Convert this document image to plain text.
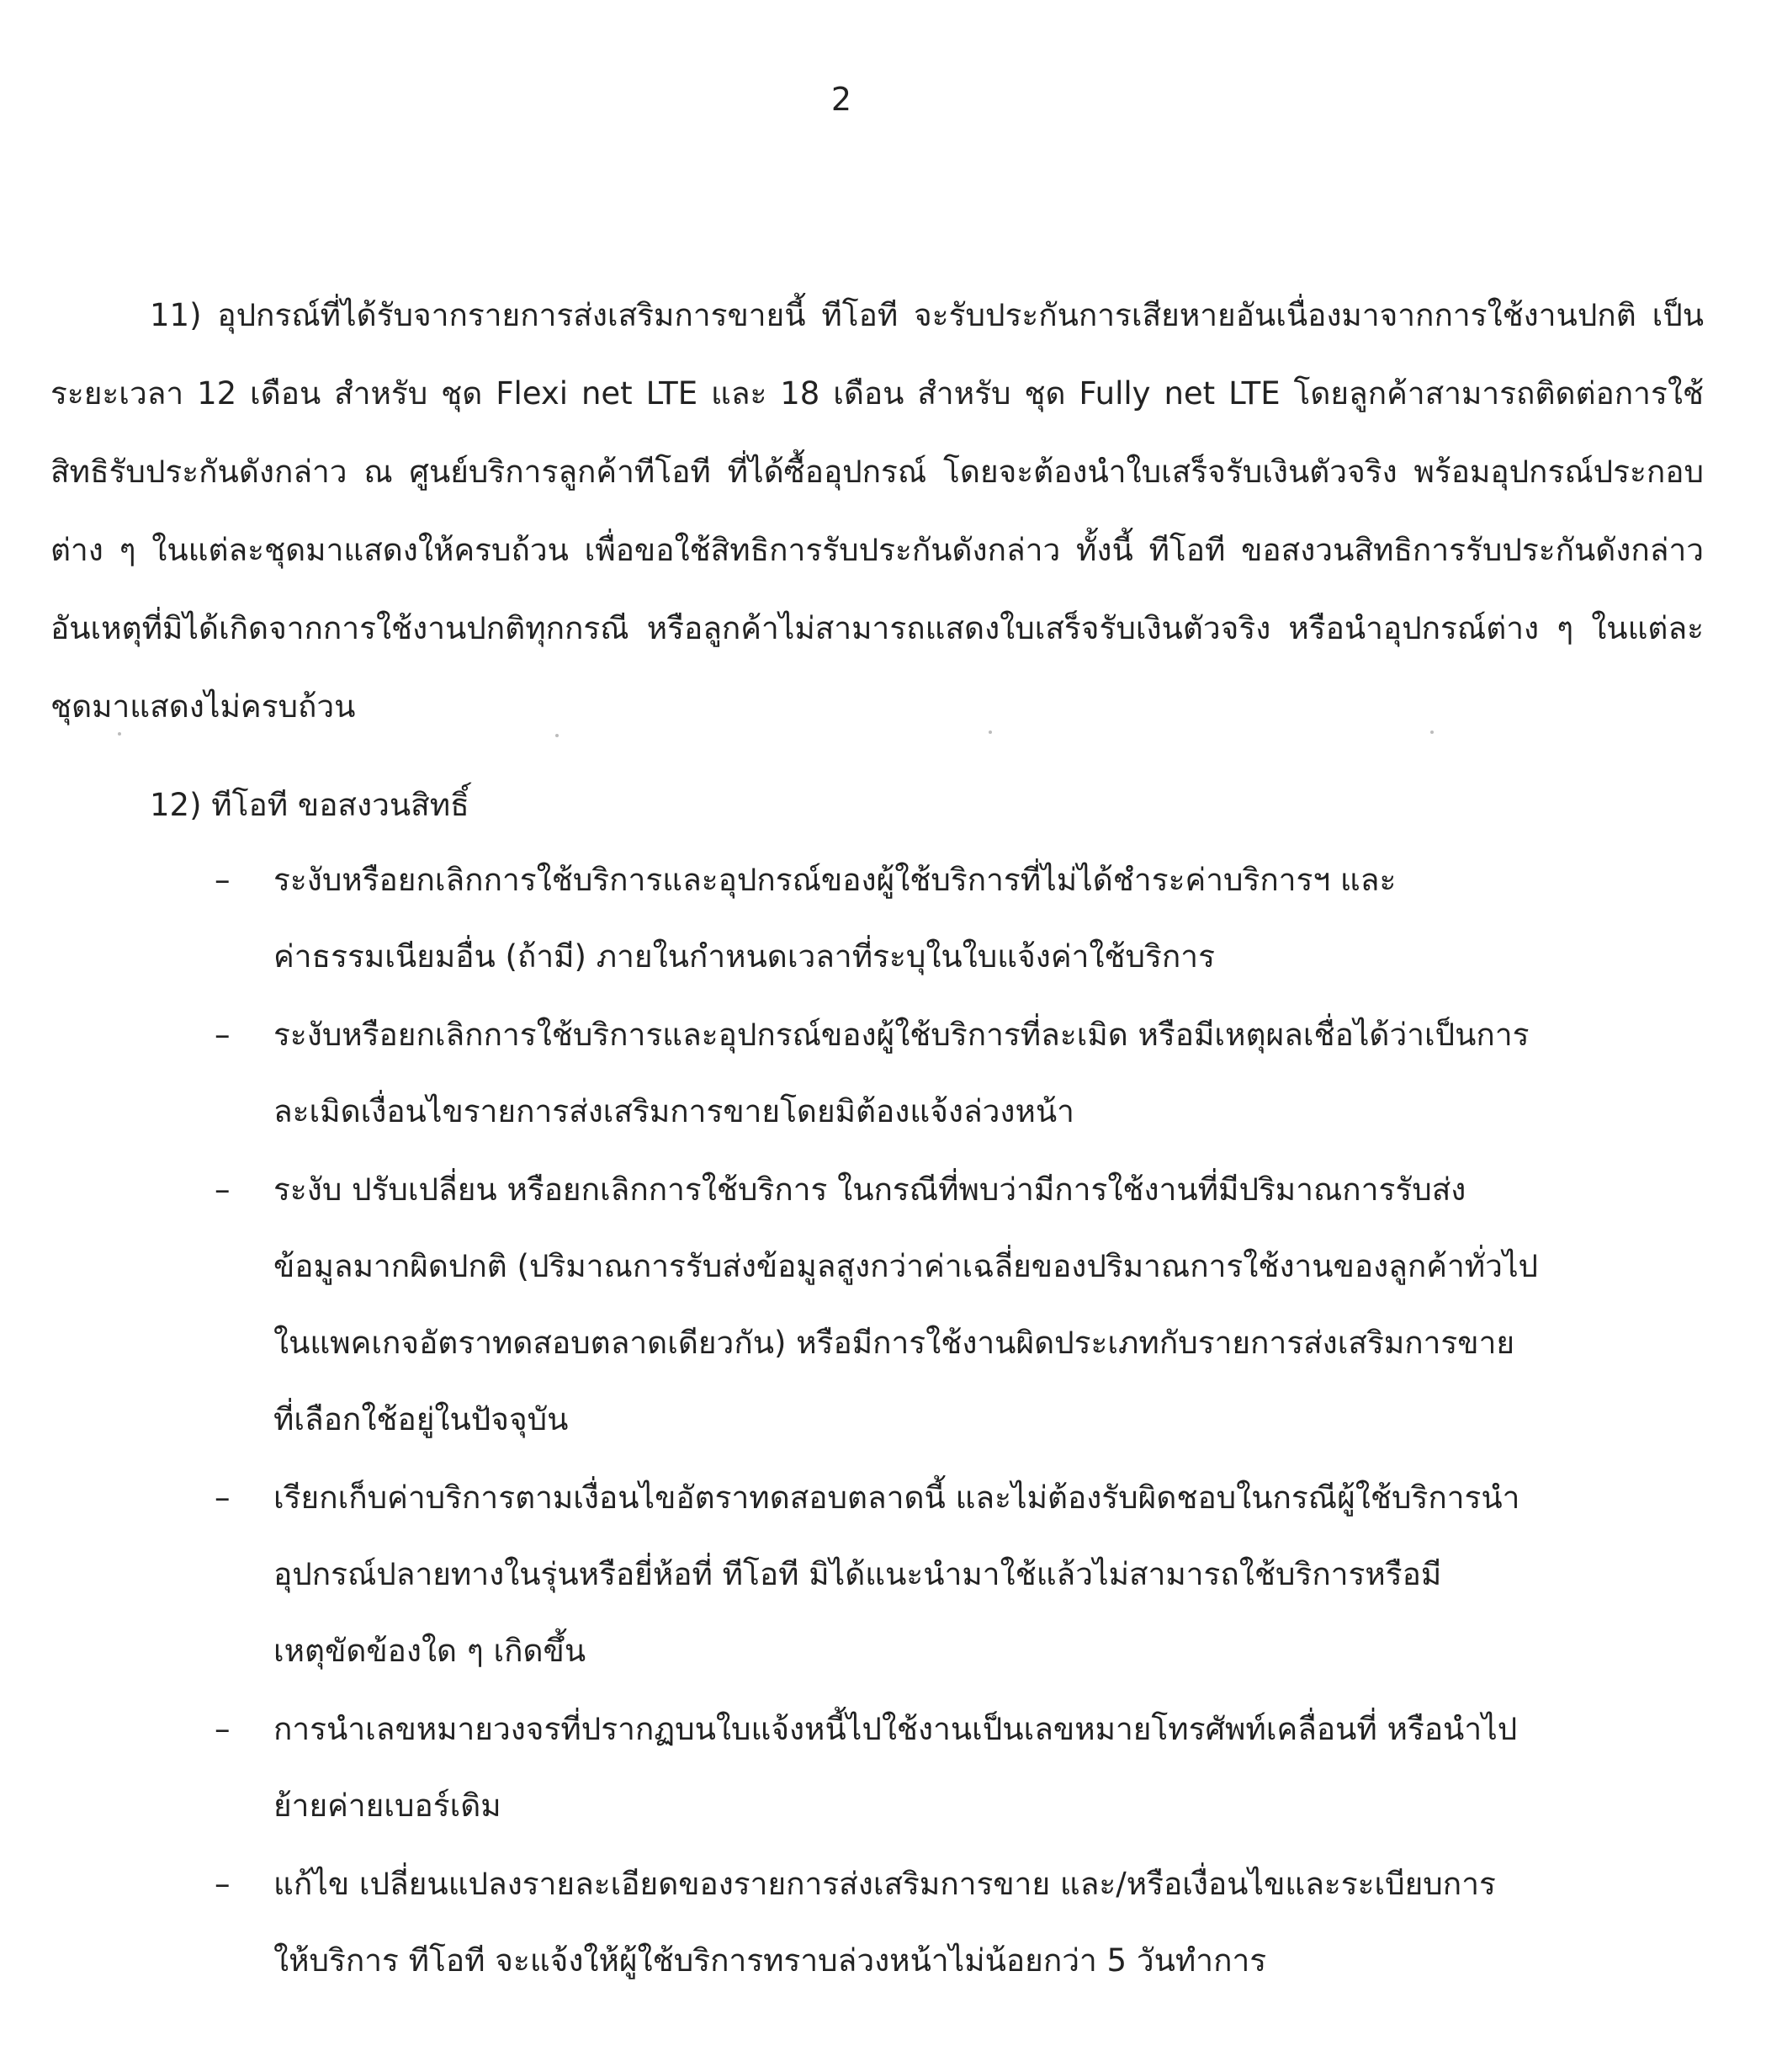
2

11) อุปกรณ์ที่ได้รับจากรายการส่งเสริมการขายนี้ ทีโอที จะรับประกันการเสียหายอันเนื่องมาจากการใช้งานปกติ เป็นระยะเวลา 12 เดือน สำหรับ ชุด Flexi net LTE และ 18 เดือน สำหรับ ชุด Fully net LTE โดยลูกค้าสามารถติดต่อการใช้สิทธิรับประกันดังกล่าว ณ ศูนย์บริการลูกค้าทีโอที ที่ได้ซื้ออุปกรณ์ โดยจะต้องนำใบเสร็จรับเงินตัวจริง พร้อมอุปกรณ์ประกอบต่าง ๆ ในแต่ละชุดมาแสดงให้ครบถ้วน เพื่อขอใช้สิทธิการรับประกันดังกล่าว ทั้งนี้ ทีโอที ขอสงวนสิทธิการรับประกันดังกล่าวอันเหตุที่มิได้เกิดจากการใช้งานปกติทุกกรณี หรือลูกค้าไม่สามารถแสดงใบเสร็จรับเงินตัวจริง หรือนำอุปกรณ์ต่าง ๆ ในแต่ละชุดมาแสดงไม่ครบถ้วน

12) ทีโอที ขอสงวนสิทธิ์

–	ระงับหรือยกเลิกการใช้บริการและอุปกรณ์ของผู้ใช้บริการที่ไม่ได้ชำระค่าบริการฯ และ
ค่าธรรมเนียมอื่น (ถ้ามี) ภายในกำหนดเวลาที่ระบุในใบแจ้งค่าใช้บริการ
–	ระงับหรือยกเลิกการใช้บริการและอุปกรณ์ของผู้ใช้บริการที่ละเมิด หรือมีเหตุผลเชื่อได้ว่าเป็นการ
ละเมิดเงื่อนไขรายการส่งเสริมการขายโดยมิต้องแจ้งล่วงหน้า
–	ระงับ ปรับเปลี่ยน หรือยกเลิกการใช้บริการ ในกรณีที่พบว่ามีการใช้งานที่มีปริมาณการรับส่ง
ข้อมูลมากผิดปกติ (ปริมาณการรับส่งข้อมูลสูงกว่าค่าเฉลี่ยของปริมาณการใช้งานของลูกค้าทั่วไป
ในแพคเกจอัตราทดสอบตลาดเดียวกัน) หรือมีการใช้งานผิดประเภทกับรายการส่งเสริมการขาย
ที่เลือกใช้อยู่ในปัจจุบัน
–	เรียกเก็บค่าบริการตามเงื่อนไขอัตราทดสอบตลาดนี้ และไม่ต้องรับผิดชอบในกรณีผู้ใช้บริการนำ
อุปกรณ์ปลายทางในรุ่นหรือยี่ห้อที่ ทีโอที มิได้แนะนำมาใช้แล้วไม่สามารถใช้บริการหรือมี
เหตุขัดข้องใด ๆ เกิดขึ้น
–	การนำเลขหมายวงจรที่ปรากฏบนใบแจ้งหนี้ไปใช้งานเป็นเลขหมายโทรศัพท์เคลื่อนที่ หรือนำไป
ย้ายค่ายเบอร์เดิม
–	แก้ไข เปลี่ยนแปลงรายละเอียดของรายการส่งเสริมการขาย และ/หรือเงื่อนไขและระเบียบการ
ให้บริการ ทีโอที จะแจ้งให้ผู้ใช้บริการทราบล่วงหน้าไม่น้อยกว่า 5 วันทำการ
